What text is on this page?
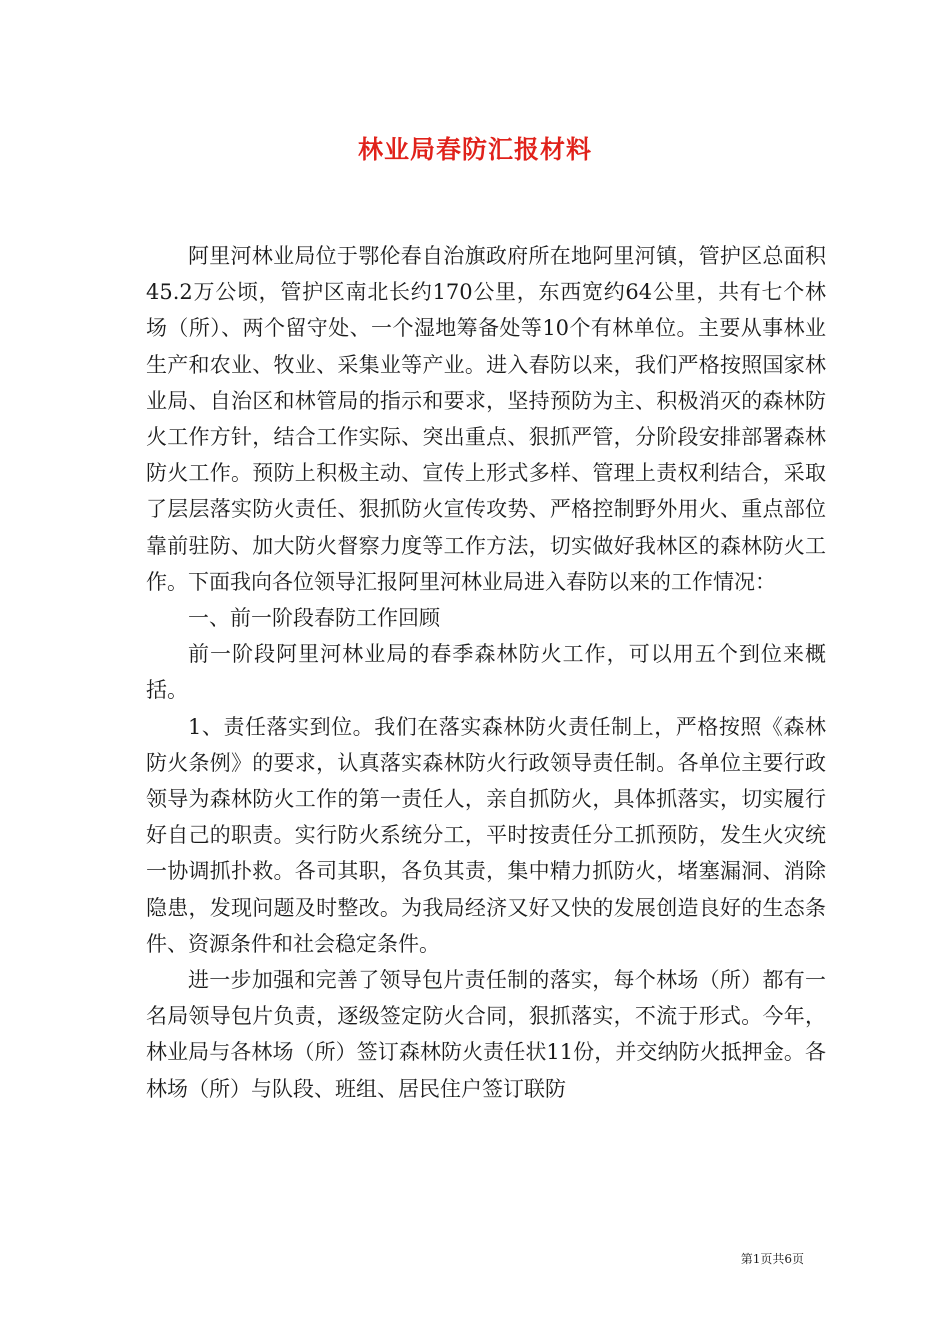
林业局春防汇报材料

阿里河林业局位于鄂伦春自治旗政府所在地阿里河镇，管护区总面积45.2万公顷，管护区南北长约170公里，东西宽约64公里，共有七个林场（所）、两个留守处、一个湿地筹备处等10个有林单位。主要从事林业生产和农业、牧业、采集业等产业。进入春防以来，我们严格按照国家林业局、自治区和林管局的指示和要求，坚持预防为主、积极消灭的森林防火工作方针，结合工作实际、突出重点、狠抓严管，分阶段安排部署森林防火工作。预防上积极主动、宣传上形式多样、管理上责权利结合，采取了层层落实防火责任、狠抓防火宣传攻势、严格控制野外用火、重点部位靠前驻防、加大防火督察力度等工作方法，切实做好我林区的森林防火工作。下面我向各位领导汇报阿里河林业局进入春防以来的工作情况：

一、前一阶段春防工作回顾

前一阶段阿里河林业局的春季森林防火工作，可以用五个到位来概括。

1、责任落实到位。我们在落实森林防火责任制上，严格按照《森林防火条例》的要求，认真落实森林防火行政领导责任制。各单位主要行政领导为森林防火工作的第一责任人，亲自抓防火，具体抓落实，切实履行好自己的职责。实行防火系统分工，平时按责任分工抓预防，发生火灾统一协调抓扑救。各司其职，各负其责，集中精力抓防火，堵塞漏洞、消除隐患，发现问题及时整改。为我局经济又好又快的发展创造良好的生态条件、资源条件和社会稳定条件。

进一步加强和完善了领导包片责任制的落实，每个林场（所）都有一名局领导包片负责，逐级签定防火合同，狠抓落实，不流于形式。今年，林业局与各林场（所）签订森林防火责任状11份，并交纳防火抵押金。各林场（所）与队段、班组、居民住户签订联防

第1页共6页
